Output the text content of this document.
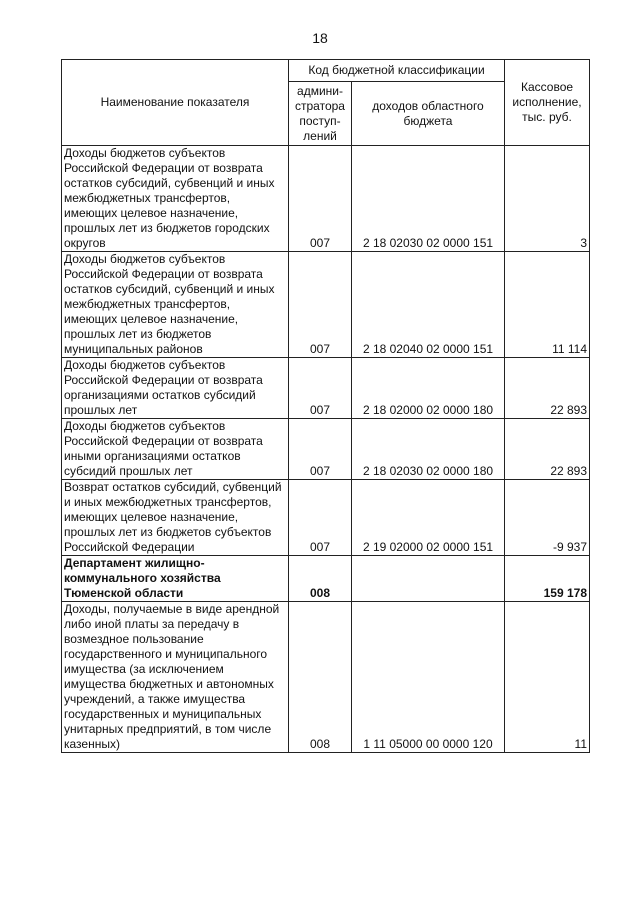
18
Наименование показателя	Код бюджетной классификации		Кассовое исполнение, тыс. руб.
	админи-стратора поступ-лений	доходов областного бюджета	
Доходы бюджетов субъектов Российской Федерации от возврата остатков субсидий, субвенций и иных межбюджетных трансфертов, имеющих целевое назначение, прошлых лет из бюджетов городских округов	007	2 18 02030 02 0000 151	3
Доходы бюджетов субъектов Российской Федерации от возврата остатков субсидий, субвенций и иных межбюджетных трансфертов, имеющих целевое назначение, прошлых лет из бюджетов муниципальных районов	007	2 18 02040 02 0000 151	11 114
Доходы бюджетов субъектов Российской Федерации от возврата организациями остатков субсидий прошлых лет	007	2 18 02000 02 0000 180	22 893
Доходы бюджетов субъектов Российской Федерации от возврата иными организациями остатков субсидий прошлых лет	007	2 18 02030 02 0000 180	22 893
Возврат остатков субсидий, субвенций и иных межбюджетных трансфертов, имеющих целевое назначение, прошлых лет из бюджетов субъектов Российской Федерации	007	2 19 02000 02 0000 151	-9 937
Департамент жилищно-коммунального хозяйства Тюменской области	008		159 178
Доходы, получаемые в виде арендной либо иной платы за передачу в возмездное пользование государственного и муниципального имущества (за исключением имущества бюджетных и автономных учреждений, а также имущества государственных и муниципальных унитарных предприятий, в том числе казенных)	008	1 11 05000 00 0000 120	11
